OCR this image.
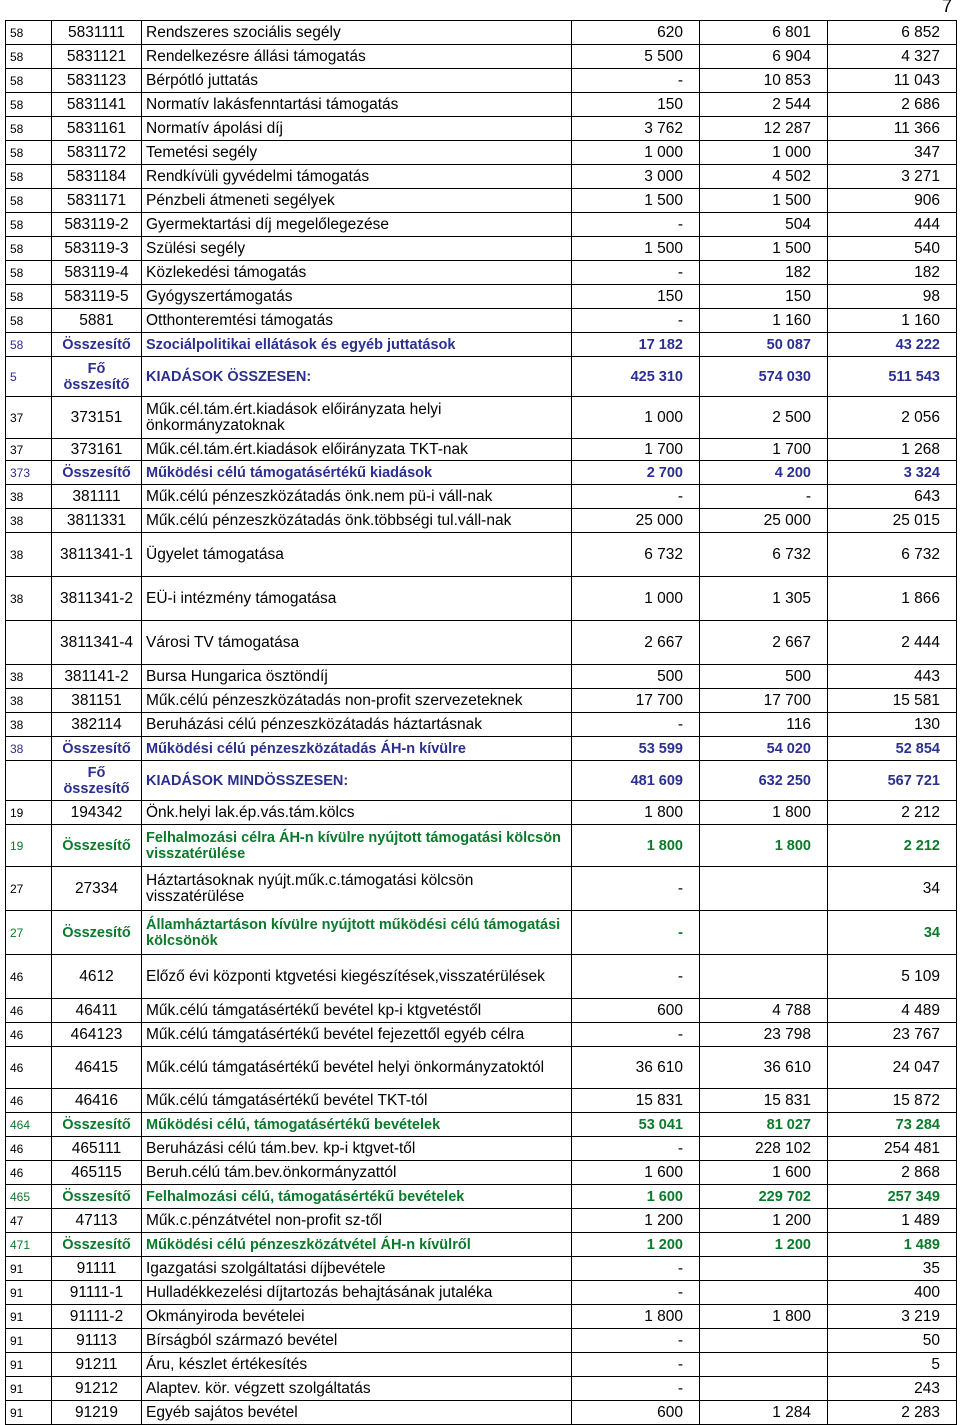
7
58	5831111	Rendszeres szociális segély	620	6 801	6 852
58	5831121	Rendelkezésre állási támogatás	5 500	6 904	4 327
58	5831123	Bérpótló juttatás	-	10 853	11 043
58	5831141	Normatív lakásfenntartási támogatás	150	2 544	2 686
58	5831161	Normatív ápolási díj	3 762	12 287	11 366
58	5831172	Temetési segély	1 000	1 000	347
58	5831184	Rendkívüli gyvédelmi támogatás	3 000	4 502	3 271
58	5831171	Pénzbeli átmeneti segélyek	1 500	1 500	906
58	583119-2	Gyermektartási díj megelőlegezése	-	504	444
58	583119-3	Szülési segély	1 500	1 500	540
58	583119-4	Közlekedési támogatás	-	182	182
58	583119-5	Gyógyszertámogatás	150	150	98
58	5881	Otthonteremtési támogatás	-	1 160	1 160
58	Összesítő	Szociálpolitikai ellátások és egyéb juttatások	17 182	50 087	43 222
5	Fő összesítő	KIADÁSOK ÖSSZESEN:	425 310	574 030	511 543
37	373151	Műk.cél.tám.ért.kiadások előirányzata helyi önkormányzatoknak	1 000	2 500	2 056
37	373161	Műk.cél.tám.ért.kiadások előirányzata TKT-nak	1 700	1 700	1 268
373	Összesítő	Működési célú támogatásértékű kiadások	2 700	4 200	3 324
38	381111	Műk.célú pénzeszközátadás önk.nem pü-i váll-nak	-	-	643
38	3811331	Műk.célú pénzeszközátadás önk.többségi tul.váll-nak	25 000	25 000	25 015
38	3811341-1	Ügyelet támogatása	6 732	6 732	6 732
38	3811341-2	EÜ-i intézmény támogatása	1 000	1 305	1 866
	3811341-4	Városi TV támogatása	2 667	2 667	2 444
38	381141-2	Bursa Hungarica ösztöndíj	500	500	443
38	381151	Műk.célú pénzeszközátadás non-profit szervezeteknek	17 700	17 700	15 581
38	382114	Beruházási célú pénzeszközátadás háztartásnak	-	116	130
38	Összesítő	Működési célú pénzeszközátadás ÁH-n kívülre	53 599	54 020	52 854
	Fő összesítő	KIADÁSOK MINDÖSSZESEN:	481 609	632 250	567 721
19	194342	Önk.helyi lak.ép.vás.tám.kölcs	1 800	1 800	2 212
19	Összesítő	Felhalmozási célra ÁH-n kívülre nyújtott támogatási kölcsön visszatérülése	1 800	1 800	2 212
27	27334	Háztartásoknak nyújt.műk.c.támogatási kölcsön visszatérülése	-		34
27	Összesítő	Államháztartáson kívülre nyújtott működési célú támogatási kölcsönök	-		34
46	4612	Előző évi központi ktgvetési kiegészítések,visszatérülések	-		5 109
46	46411	Műk.célú támgatásértékű bevétel kp-i ktgvetéstől	600	4 788	4 489
46	464123	Műk.célú támgatásértékű bevétel fejezettől egyéb célra	-	23 798	23 767
46	46415	Műk.célú támgatásértékű bevétel helyi önkormányzatoktól	36 610	36 610	24 047
46	46416	Műk.célú támgatásértékű bevétel TKT-tól	15 831	15 831	15 872
464	Összesítő	Működési célú, támogatásértékű bevételek	53 041	81 027	73 284
46	465111	Beruházási célú tám.bev. kp-i ktgvet-től	-	228 102	254 481
46	465115	Beruh.célú tám.bev.önkormányzattól	1 600	1 600	2 868
465	Összesítő	Felhalmozási célú, támogatásértékű bevételek	1 600	229 702	257 349
47	47113	Műk.c.pénzátvétel non-profit sz-től	1 200	1 200	1 489
471	Összesítő	Működési célú pénzeszközátvétel ÁH-n kívülről	1 200	1 200	1 489
91	91111	Igazgatási szolgáltatási díjbevétele	-		35
91	91111-1	Hulladékkezelési díjtartozás behajtásának jutaléka	-		400
91	91111-2	Okmányiroda bevételei	1 800	1 800	3 219
91	91113	Bírságból származó bevétel	-		50
91	91211	Áru, készlet értékesítés	-		5
91	91212	Alaptev. kör. végzett szolgáltatás	-		243
91	91219	Egyéb sajátos bevétel	600	1 284	2 283
